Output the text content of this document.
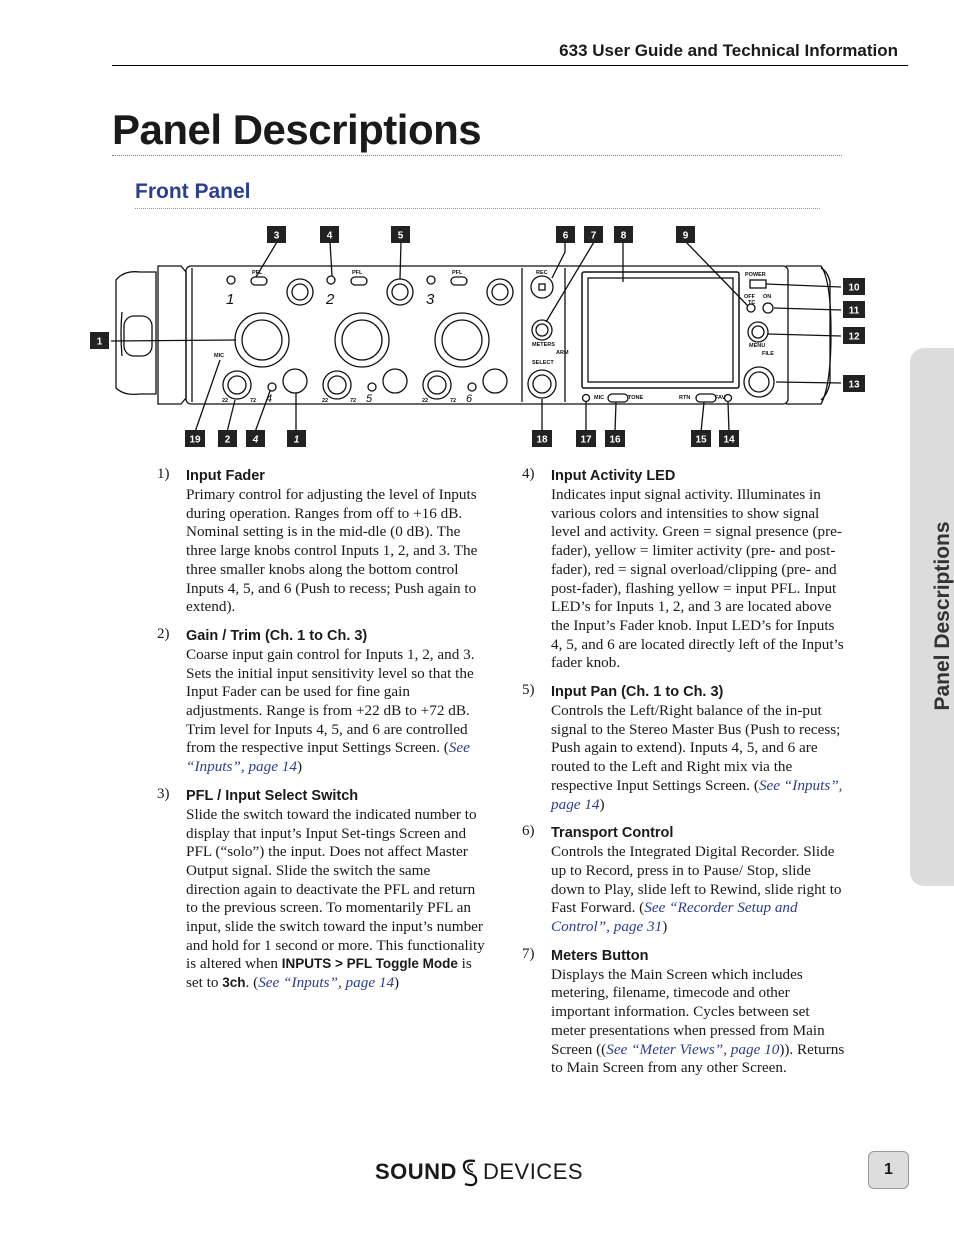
633 User Guide and Technical Information
Panel Descriptions
Front Panel
Panel Descriptions
PFL	PFL	PFL	REC
METERS
ARM
SELECT
POWER
OFF ON
TC
MENU
FILE
MIC	TONE	RTN	FAV
22	72	22	72	22	72
MIC
1	2	3
4	5	6
3	4	5	6 7 8	9
10
11
12
13
1
19 2 4	1	18	17 16	15 14
1) Input Fader
Primary control for adjusting the level of Inputs during operation. Ranges from off to +16 dB. Nominal setting is in the mid-dle (0 dB). The three large knobs control Inputs 1, 2, and 3. The three smaller knobs along the bottom control Inputs 4, 5, and 6 (Push to recess; Push again to extend).
2) Gain / Trim (Ch. 1 to Ch. 3)
Coarse input gain control for Inputs 1, 2, and 3. Sets the initial input sensitivity level so that the Input Fader can be used for fine gain adjustments. Range is from +22 dB to +72 dB. Trim level for Inputs 4, 5, and 6 are controlled from the respective input Settings Screen. (See “Inputs”, page 14)
3) PFL / Input Select Switch
Slide the switch toward the indicated number to display that input’s Input Set-tings Screen and PFL (“solo”) the input. Does not affect Master Output signal. Slide the switch the same direction again to deactivate the PFL and return to the previous screen. To momentarily PFL an input, slide the switch toward the input’s number and hold for 1 second or more. This functionality is altered when INPUTS > PFL Toggle Mode is set to 3ch. (See “Inputs”, page 14)
4) Input Activity LED
Indicates input signal activity. Illuminates in various colors and intensities to show signal level and activity. Green = signal presence (pre-fader), yellow = limiter activity (pre- and post-fader), red = signal overload/clipping (pre- and post-fader), flashing yellow = input PFL. Input LED’s for Inputs 1, 2, and 3 are located above the Input’s Fader knob. Input LED’s for Inputs 4, 5, and 6 are located directly left of the Input’s fader knob.
5) Input Pan (Ch. 1 to Ch. 3)
Controls the Left/Right balance of the in-put signal to the Stereo Master Bus (Push to recess; Push again to extend). Inputs 4, 5, and 6 are routed to the Left and Right mix via the respective Input Settings Screen. (See “Inputs”, page 14)
6) Transport Control
Controls the Integrated Digital Recorder. Slide up to Record, press in to Pause/ Stop, slide down to Play, slide left to Rewind, slide right to Fast Forward. (See “Recorder Setup and Control”, page 31)
7) Meters Button
Displays the Main Screen which includes metering, filename, timecode and other important information. Cycles between set meter presentations when pressed from Main Screen ((See “Meter Views”, page 10)). Returns to Main Screen from any other Screen.
SOUND DEVICES	1
